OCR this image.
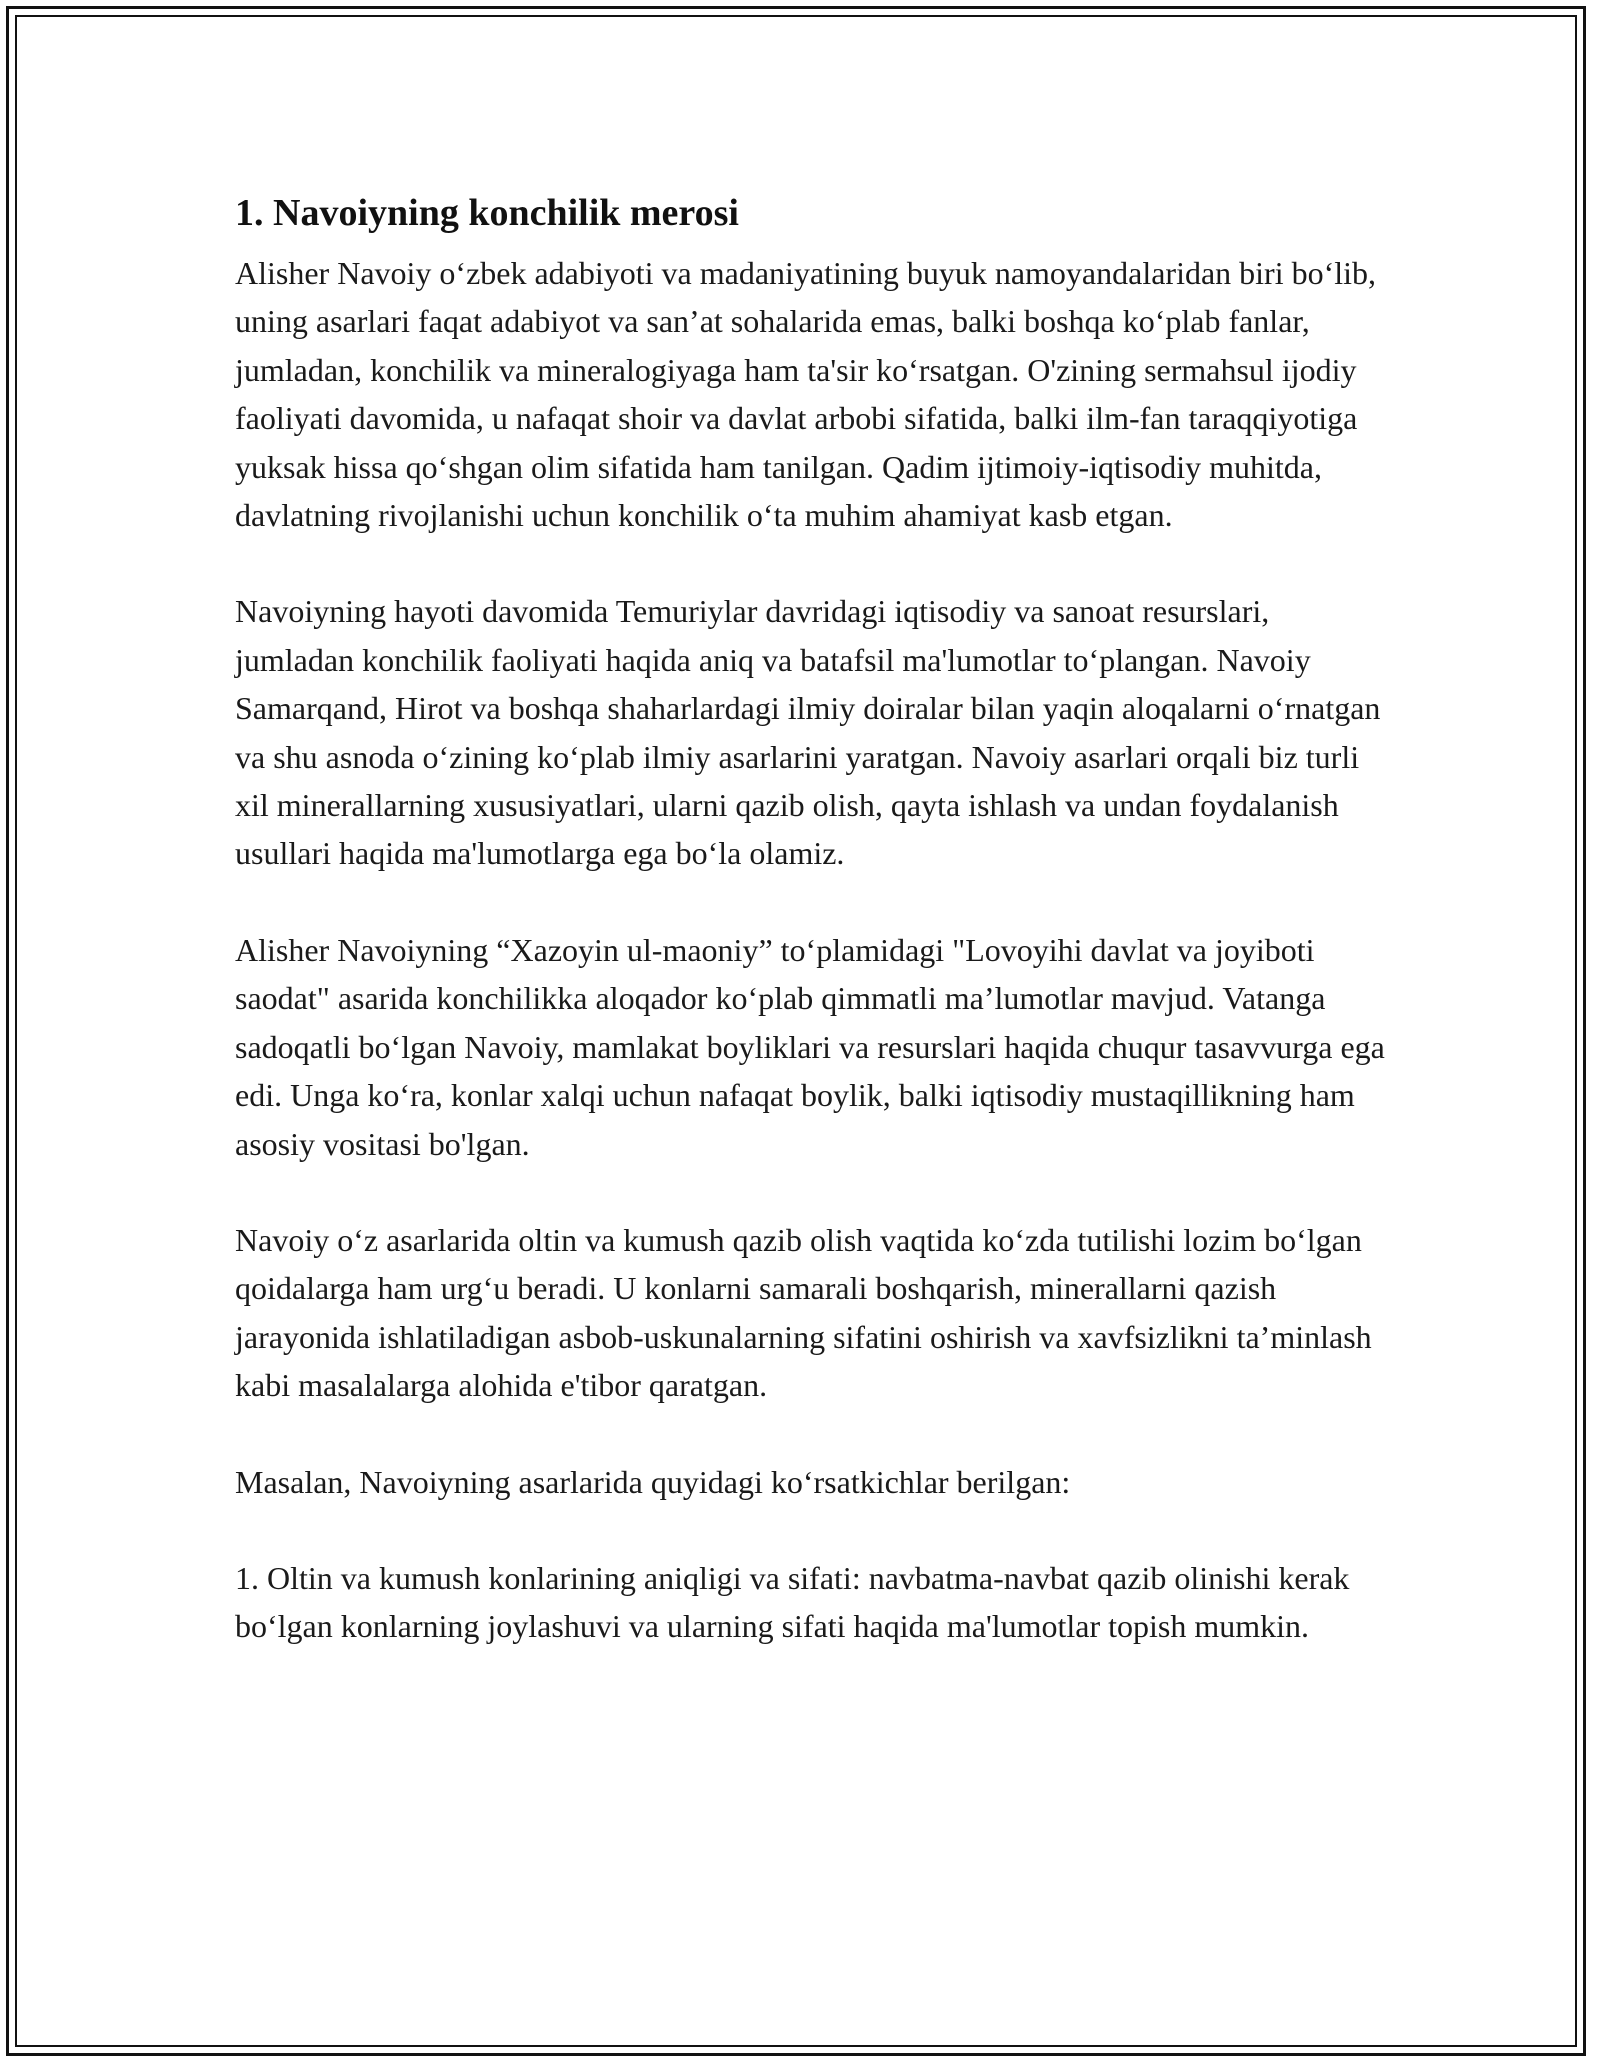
1. Navoiyning konchilik merosi

Alisher Navoiy o‘zbek adabiyoti va madaniyatining buyuk namoyandalaridan biri bo‘lib, uning asarlari faqat adabiyot va san’at sohalarida emas, balki boshqa ko‘plab fanlar, jumladan, konchilik va mineralogiyaga ham ta'sir ko‘rsatgan. O'zining sermahsul ijodiy faoliyati davomida, u nafaqat shoir va davlat arbobi sifatida, balki ilm-fan taraqqiyotiga yuksak hissa qo‘shgan olim sifatida ham tanilgan. Qadim ijtimoiy-iqtisodiy muhitda, davlatning rivojlanishi uchun konchilik o‘ta muhim ahamiyat kasb etgan.

Navoiyning hayoti davomida Temuriylar davridagi iqtisodiy va sanoat resurslari, jumladan konchilik faoliyati haqida aniq va batafsil ma'lumotlar to‘plangan. Navoiy Samarqand, Hirot va boshqa shaharlardagi ilmiy doiralar bilan yaqin aloqalarni o‘rnatgan va shu asnoda o‘zining ko‘plab ilmiy asarlarini yaratgan. Navoiy asarlari orqali biz turli xil minerallarning xususiyatlari, ularni qazib olish, qayta ishlash va undan foydalanish usullari haqida ma'lumotlarga ega bo‘la olamiz.

Alisher Navoiyning “Xazoyin ul-maoniy” to‘plamidagi "Lovoyihi davlat va joyiboti saodat" asarida konchilikka aloqador ko‘plab qimmatli ma’lumotlar mavjud. Vatanga sadoqatli bo‘lgan Navoiy, mamlakat boyliklari va resurslari haqida chuqur tasavvurga ega edi. Unga ko‘ra, konlar xalqi uchun nafaqat boylik, balki iqtisodiy mustaqillikning ham asosiy vositasi bo'lgan.

Navoiy o‘z asarlarida oltin va kumush qazib olish vaqtida ko‘zda tutilishi lozim bo‘lgan qoidalarga ham urg‘u beradi. U konlarni samarali boshqarish, minerallarni qazish jarayonida ishlatiladigan asbob-uskunalarning sifatini oshirish va xavfsizlikni ta’minlash kabi masalalarga alohida e'tibor qaratgan.

Masalan, Navoiyning asarlarida quyidagi ko‘rsatkichlar berilgan:

1. Oltin va kumush konlarining aniqligi va sifati: navbatma-navbat qazib olinishi kerak bo‘lgan konlarning joylashuvi va ularning sifati haqida ma'lumotlar topish mumkin.
